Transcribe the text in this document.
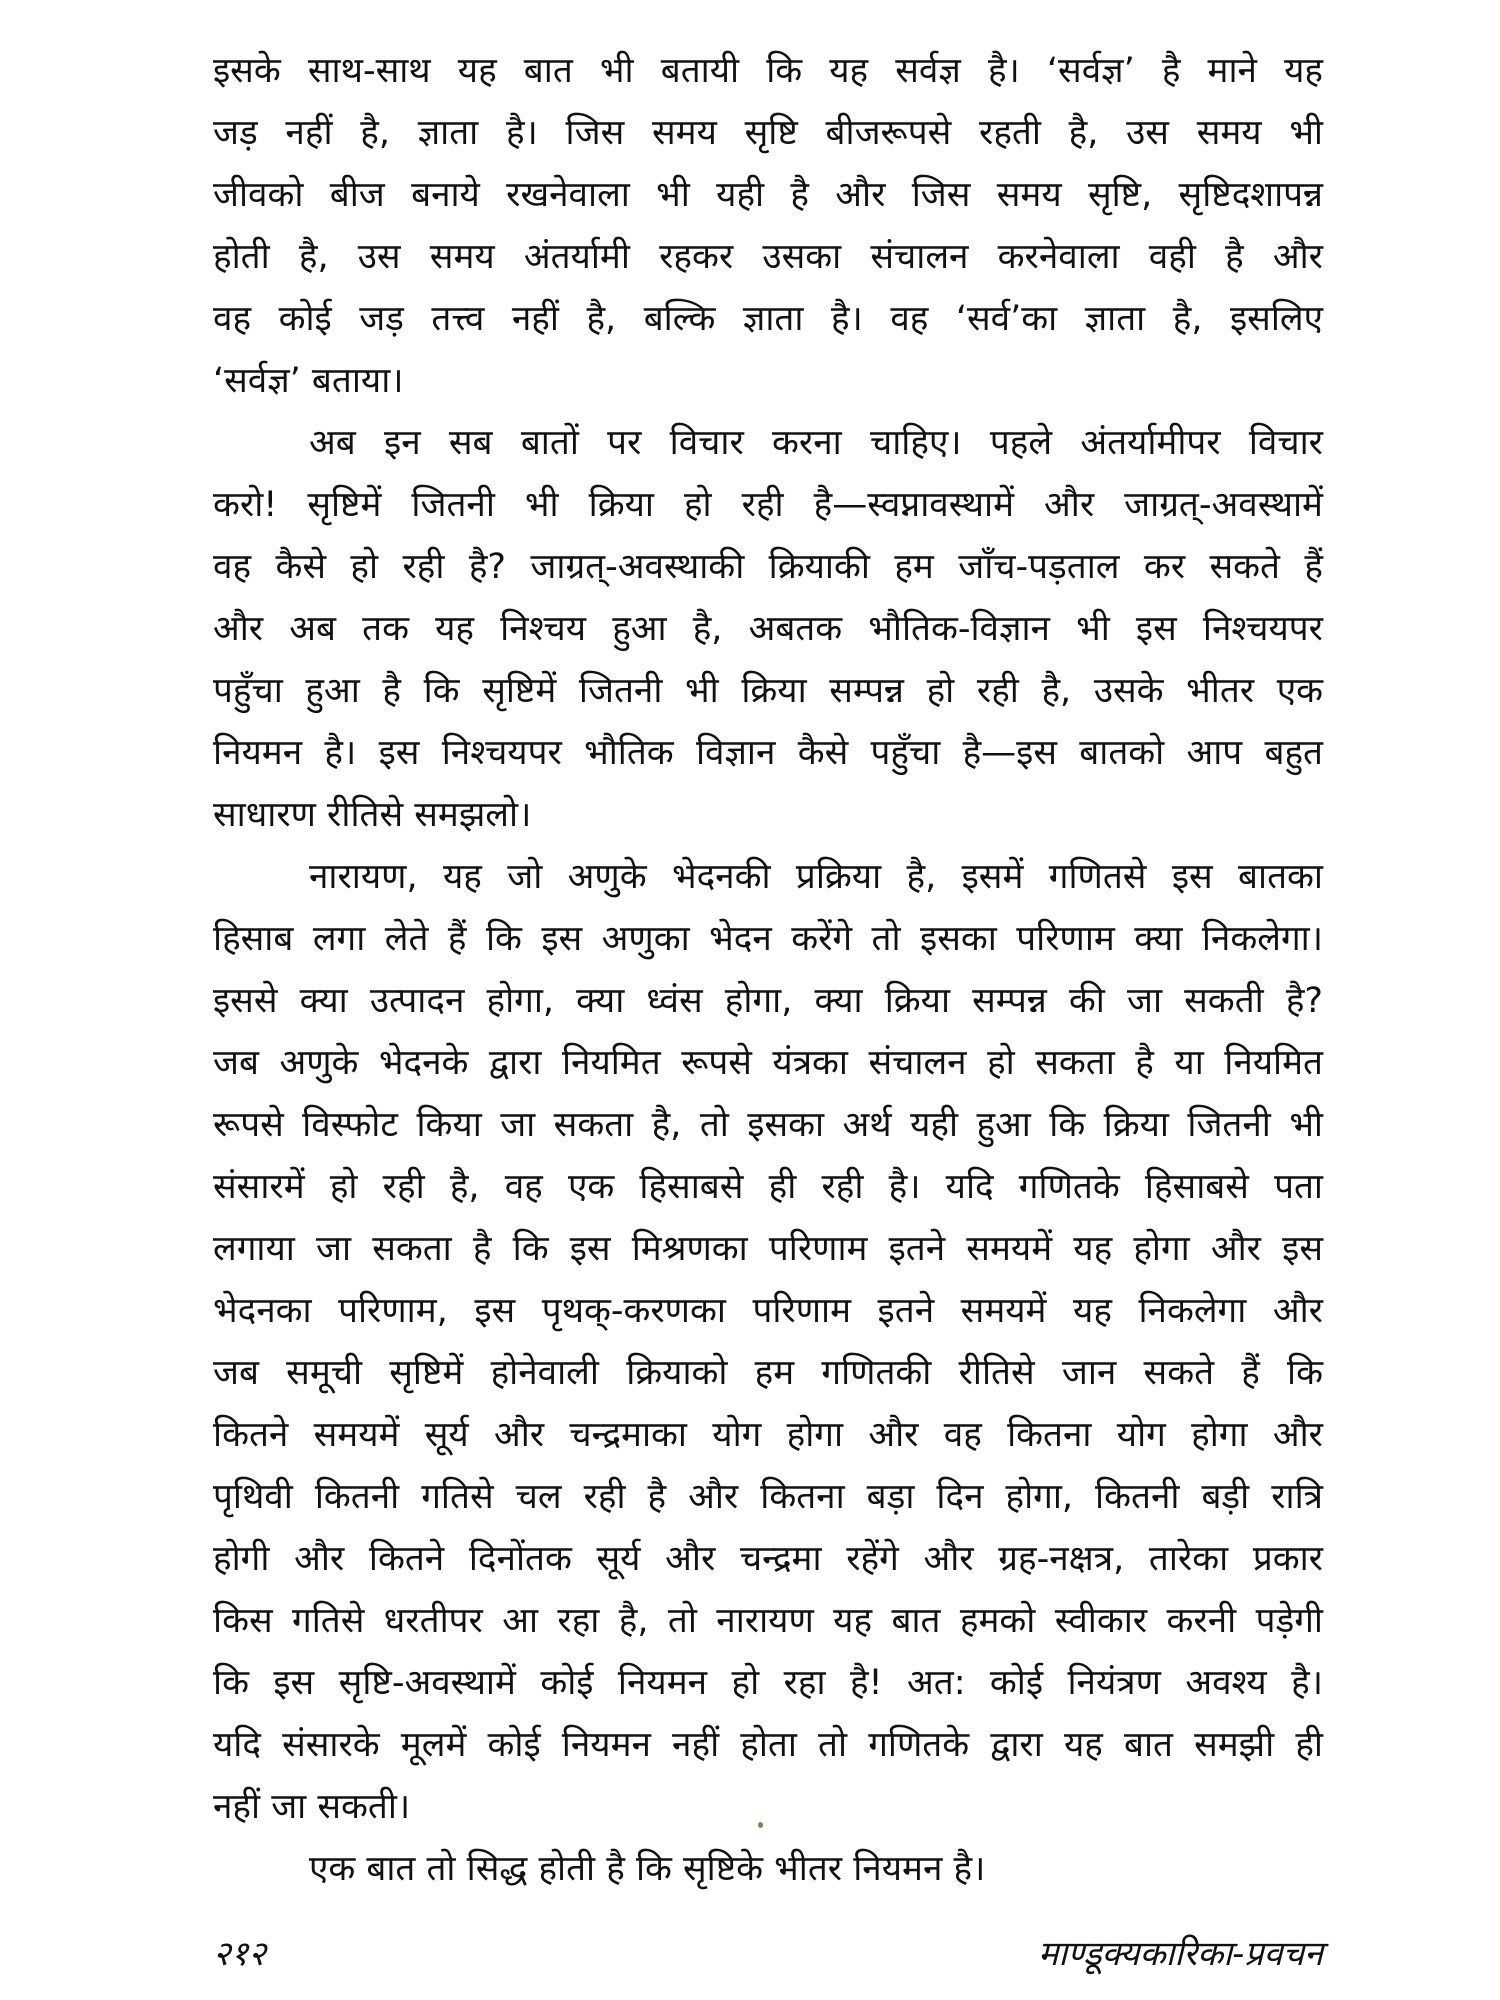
इसके साथ-साथ यह बात भी बतायी कि यह सर्वज्ञ है। ‘सर्वज्ञ’ है माने यह
जड़ नहीं है, ज्ञाता है। जिस समय सृष्टि बीजरूपसे रहती है, उस समय भी
जीवको बीज बनाये रखनेवाला भी यही है और जिस समय सृष्टि, सृष्टिदशापन्न
होती है, उस समय अंतर्यामी रहकर उसका संचालन करनेवाला वही है और
वह कोई जड़ तत्त्व नहीं है, बल्कि ज्ञाता है। वह ‘सर्व’का ज्ञाता है, इसलिए
‘सर्वज्ञ’ बताया।

अब इन सब बातों पर विचार करना चाहिए। पहले अंतर्यामीपर विचार
करो! सृष्टिमें जितनी भी क्रिया हो रही है—स्वप्नावस्थामें और जाग्रत्-अवस्थामें
वह कैसे हो रही है? जाग्रत्-अवस्थाकी क्रियाकी हम जाँच-पड़ताल कर सकते हैं
और अब तक यह निश्चय हुआ है, अबतक भौतिक-विज्ञान भी इस निश्चयपर
पहुँचा हुआ है कि सृष्टिमें जितनी भी क्रिया सम्पन्न हो रही है, उसके भीतर एक
नियमन है। इस निश्चयपर भौतिक विज्ञान कैसे पहुँचा है—इस बातको आप बहुत
साधारण रीतिसे समझलो।

नारायण, यह जो अणुके भेदनकी प्रक्रिया है, इसमें गणितसे इस बातका
हिसाब लगा लेते हैं कि इस अणुका भेदन करेंगे तो इसका परिणाम क्या निकलेगा।
इससे क्या उत्पादन होगा, क्या ध्वंस होगा, क्या क्रिया सम्पन्न की जा सकती है?
जब अणुके भेदनके द्वारा नियमित रूपसे यंत्रका संचालन हो सकता है या नियमित
रूपसे विस्फोट किया जा सकता है, तो इसका अर्थ यही हुआ कि क्रिया जितनी भी
संसारमें हो रही है, वह एक हिसाबसे ही रही है। यदि गणितके हिसाबसे पता
लगाया जा सकता है कि इस मिश्रणका परिणाम इतने समयमें यह होगा और इस
भेदनका परिणाम, इस पृथक्-करणका परिणाम इतने समयमें यह निकलेगा और
जब समूची सृष्टिमें होनेवाली क्रियाको हम गणितकी रीतिसे जान सकते हैं कि
कितने समयमें सूर्य और चन्द्रमाका योग होगा और वह कितना योग होगा और
पृथिवी कितनी गतिसे चल रही है और कितना बड़ा दिन होगा, कितनी बड़ी रात्रि
होगी और कितने दिनोंतक सूर्य और चन्द्रमा रहेंगे और ग्रह-नक्षत्र, तारेका प्रकार
किस गतिसे धरतीपर आ रहा है, तो नारायण यह बात हमको स्वीकार करनी पड़ेगी
कि इस सृष्टि-अवस्थामें कोई नियमन हो रहा है! अत: कोई नियंत्रण अवश्य है।
यदि संसारके मूलमें कोई नियमन नहीं होता तो गणितके द्वारा यह बात समझी ही
नहीं जा सकती।

एक बात तो सिद्ध होती है कि सृष्टिके भीतर नियमन है।

२१२	माण्डूक्यकारिका-प्रवचन
